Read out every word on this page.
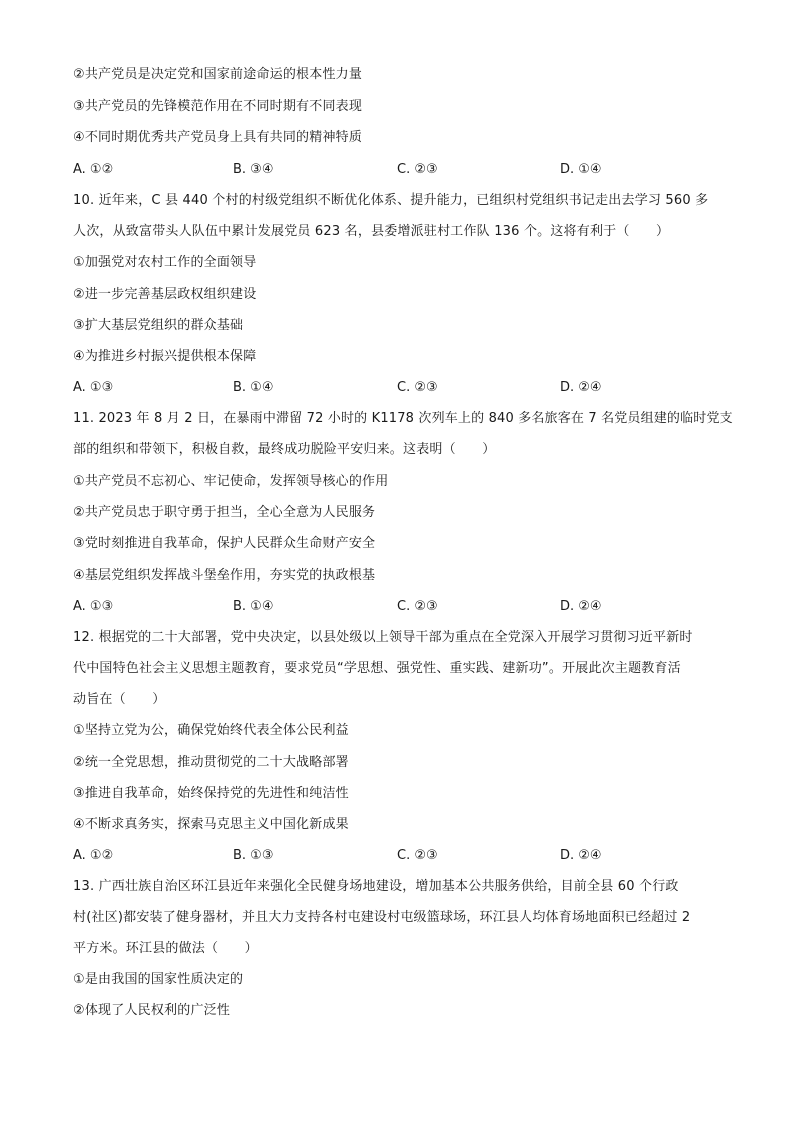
②共产党员是决定党和国家前途命运的根本性力量
③共产党员的先锋模范作用在不同时期有不同表现
④不同时期优秀共产党员身上具有共同的精神特质
A. ①②	B. ③④	C. ②③	D. ①④
10. 近年来，C 县 440 个村的村级党组织不断优化体系、提升能力，已组织村党组织书记走出去学习 560 多
人次，从致富带头人队伍中累计发展党员 623 名，县委增派驻村工作队 136 个。这将有利于（　　）
①加强党对农村工作的全面领导
②进一步完善基层政权组织建设
③扩大基层党组织的群众基础
④为推进乡村振兴提供根本保障
A. ①③	B. ①④	C. ②③	D. ②④
11. 2023 年 8 月 2 日，在暴雨中滞留 72 小时的 K1178 次列车上的 840 多名旅客在 7 名党员组建的临时党支
部的组织和带领下，积极自救，最终成功脱险平安归来。这表明（　　）
①共产党员不忘初心、牢记使命，发挥领导核心的作用
②共产党员忠于职守勇于担当，全心全意为人民服务
③党时刻推进自我革命，保护人民群众生命财产安全
④基层党组织发挥战斗堡垒作用，夯实党的执政根基
A. ①③	B. ①④	C. ②③	D. ②④
12. 根据党的二十大部署，党中央决定，以县处级以上领导干部为重点在全党深入开展学习贯彻习近平新时
代中国特色社会主义思想主题教育，要求党员“学思想、强党性、重实践、建新功”。开展此次主题教育活
动旨在（　　）
①坚持立党为公，确保党始终代表全体公民利益
②统一全党思想，推动贯彻党的二十大战略部署
③推进自我革命，始终保持党的先进性和纯洁性
④不断求真务实，探索马克思主义中国化新成果
A. ①②	B. ①③	C. ②③	D. ②④
13. 广西壮族自治区环江县近年来强化全民健身场地建设，增加基本公共服务供给，目前全县 60 个行政
村(社区)都安装了健身器材，并且大力支持各村屯建设村屯级篮球场，环江县人均体育场地面积已经超过 2
平方米。环江县的做法（　　）
①是由我国的国家性质决定的
②体现了人民权利的广泛性
